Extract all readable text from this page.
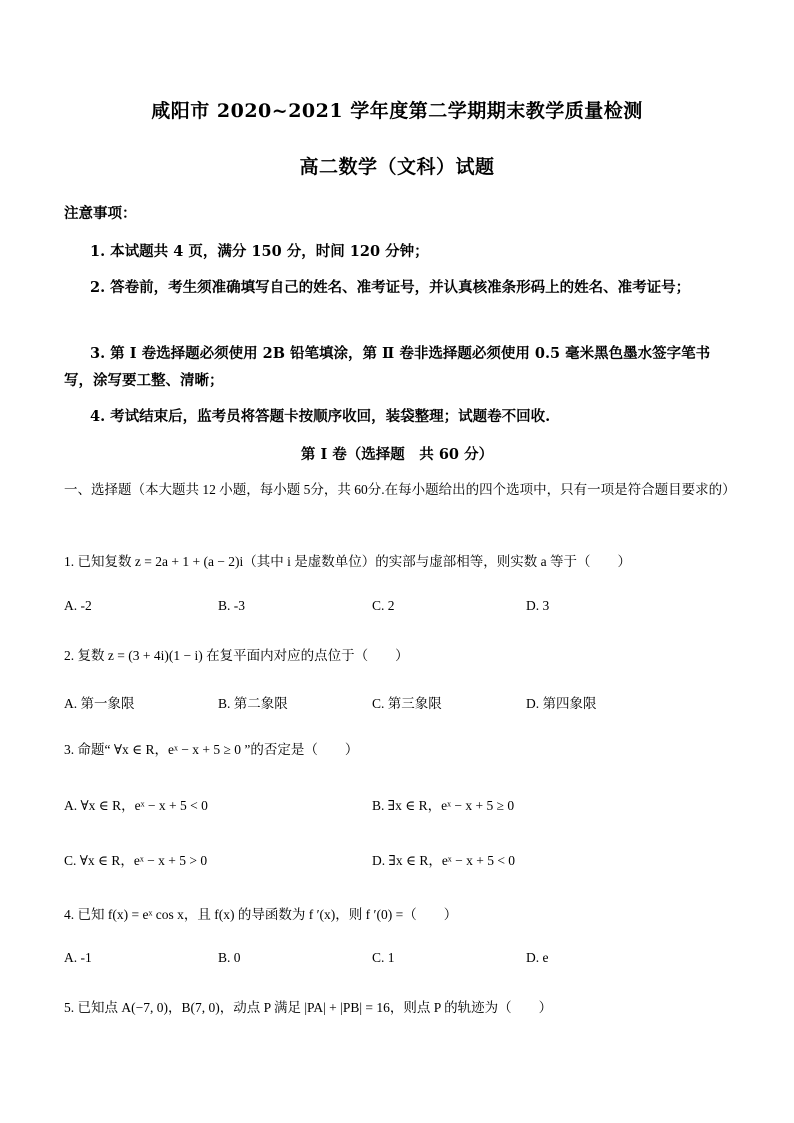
咸阳市 2020~2021 学年度第二学期期末教学质量检测
高二数学（文科）试题
注意事项：
1. 本试题共 4 页，满分 150 分，时间 120 分钟；
2. 答卷前，考生须准确填写自己的姓名、准考证号，并认真核准条形码上的姓名、准考证号；
3. 第 Ⅰ 卷选择题必须使用 2B 铅笔填涂，第 Ⅱ 卷非选择题必须使用 0.5 毫米黑色墨水签字笔书写，涂写要工整、清晰；
4. 考试结束后，监考员将答题卡按顺序收回，装袋整理；试题卷不回收.
第 Ⅰ 卷（选择题　共 60 分）
一、选择题（本大题共 12 小题，每小题 5分，共 60分.在每小题给出的四个选项中，只有一项是符合题目要求的）
1. 已知复数 z = 2a + 1 + (a − 2)i（其中 i 是虚数单位）的实部与虚部相等，则实数 a 等于（　　）
A. -2	B. -3	C. 2	D. 3
2. 复数 z = (3 + 4i)(1 − i) 在复平面内对应的点位于（　　）
A. 第一象限	B. 第二象限	C. 第三象限	D. 第四象限
3. 命题“ ∀x ∈ R，eˣ − x + 5 ≥ 0 ”的否定是（　　）
A. ∀x ∈ R，eˣ − x + 5 < 0	B. ∃x ∈ R，eˣ − x + 5 ≥ 0
C. ∀x ∈ R，eˣ − x + 5 > 0	D. ∃x ∈ R，eˣ − x + 5 < 0
4. 已知 f(x) = eˣ cos x，且 f(x) 的导函数为 f ′(x)，则 f ′(0) =（　　）
A. -1	B. 0	C. 1	D. e
5. 已知点 A(−7, 0)，B(7, 0)，动点 P 满足 |PA| + |PB| = 16，则点 P 的轨迹为（　　）
